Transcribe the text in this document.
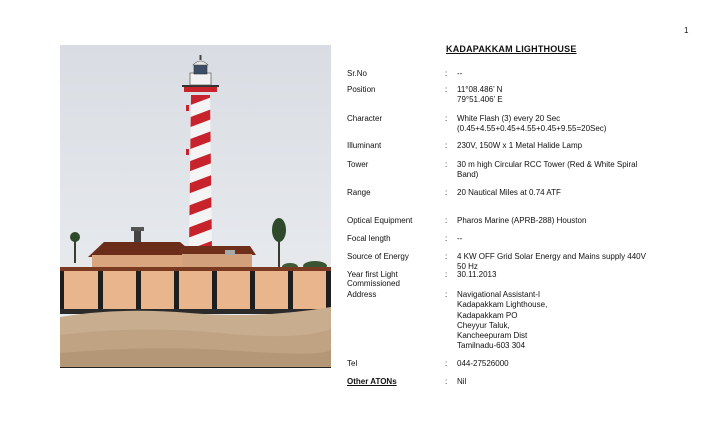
1
KADAPAKKAM LIGHTHOUSE
Sr.No	: --
Position	: 11°08.486’ N
79°51.406’ E
Character	: White Flash (3) every 20 Sec
(0.45+4.55+0.45+4.55+0.45+9.55=20Sec)
Illuminant	: 230V, 150W x 1 Metal Halide Lamp
Tower	: 30 m high Circular RCC Tower (Red & White Spiral
Band)
Range	: 20 Nautical Miles at 0.74 ATF
Optical Equipment	: Pharos Marine (APRB-288) Houston
Focal length	: --
Source of Energy	: 4 KW OFF Grid Solar Energy and Mains supply 440V
50 Hz
Year first Light
Commissioned
: 30.11.2013
Address	: Navigational Assistant-I
Kadapakkam Lighthouse,
Kadapakkam PO
Cheyyur Taluk,
Kancheepuram Dist
Tamilnadu-603 304
Tel	: 044-27526000
Other ATONs	: Nil
